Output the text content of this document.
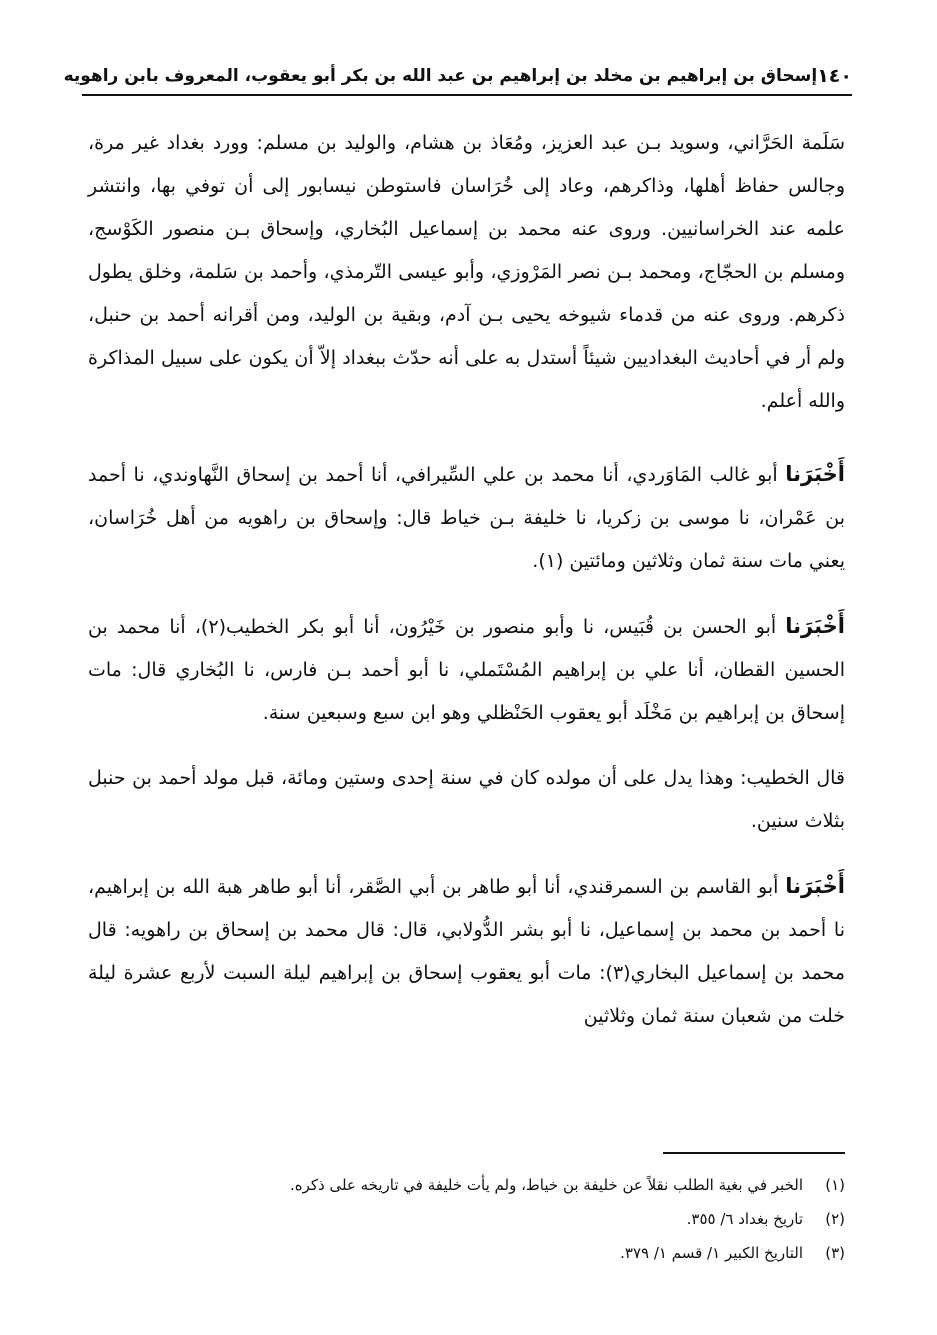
١٤٠
إسحاق بن إبراهيم بن مخلد بن إبراهيم بن عبد الله بن بكر أبو يعقوب، المعروف بابن راهويه

سَلَمة الحَرَّاني، وسويد بـن عبد العزيز، ومُعَاذ بن هشام، والوليد بن مسلم: وورد بغداد غير مرة، وجالس حفاظ أهلها، وذاكرهم، وعاد إلى خُرَاسان فاستوطن نيسابور إلى أن توفي بها، وانتشر علمه عند الخراسانيين. وروى عنه محمد بن إسماعيل البُخاري، وإسحاق بـن منصور الكَوْسج، ومسلم بن الحجّاج، ومحمد بـن نصر المَرْوزي، وأبو عيسى التّرمذي، وأحمد بن سَلمة، وخلق يطول ذكرهم. وروى عنه من قدماء شيوخه يحيى بـن آدم، وبقية بن الوليد، ومن أقرانه أحمد بن حنبل، ولم أر في أحاديث البغداديين شيئاً أستدل به على أنه حدّث ببغداد إلاّ أن يكون على سبيل المذاكرة والله أعلم.

أَخْبَرَنا أبو غالب المَاوَردي، أنا محمد بن علي السِّيرافي، أنا أحمد بن إسحاق النَّهاوندي، نا أحمد بن عَمْران، نا موسى بن زكريا، نا خليفة بـن خياط قال: وإسحاق بن راهويه من أهل خُرَاسان، يعني مات سنة ثمان وثلاثين ومائتين (١).

أَخْبَرَنا أبو الحسن بن قُبَيس، نا وأبو منصور بن خَيْرُون، أنا أبو بكر الخطيب(٢)، أنا محمد بن الحسين القطان، أنا علي بن إبراهيم المُسْتَملي، نا أبو أحمد بـن فارس، نا البُخاري قال: مات إسحاق بن إبراهيم بن مَخْلَد أبو يعقوب الحَنْظلي وهو ابن سبع وسبعين سنة.

قال الخطيب: وهذا يدل على أن مولده كان في سنة إحدى وستين ومائة، قبل مولد أحمد بن حنبل بثلاث سنين.

أَخْبَرَنا أبو القاسم بن السمرقندي، أنا أبو طاهر بن أبي الصَّقر، أنا أبو طاهر هبة الله بن إبراهيم، نا أحمد بن محمد بن إسماعيل، نا أبو بشر الدُّولابي، قال: قال محمد بن إسحاق بن راهويه: قال محمد بن إسماعيل البخاري(٣): مات أبو يعقوب إسحاق بن إبراهيم ليلة السبت لأربع عشرة ليلة خلت من شعبان سنة ثمان وثلاثين

(١)
الخبر في بغية الطلب نقلاً عن خليفة بن خياط، ولم يأت خليفة في تاريخه على ذكره.
(٢)
تاريخ بغداد ٦/ ٣٥٥.
(٣)
التاريخ الكبير ١/ قسم ١/ ٣٧٩.
